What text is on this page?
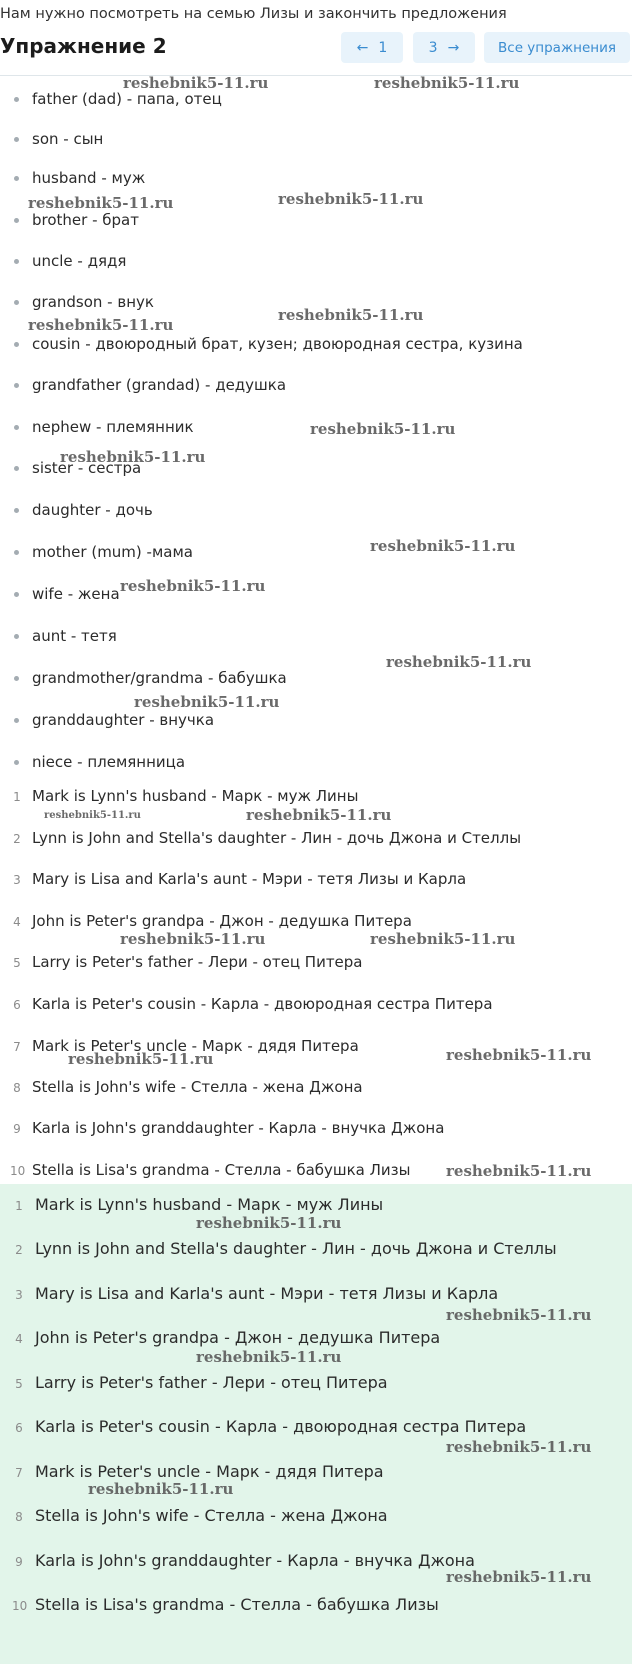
Нам нужно посмотреть на семью Лизы и закончить предложения
Упражнение 2	← 1	3 →	Все упражнения
father (dad) - папа, отец
son - сын
husband - муж
brother - брат
uncle - дядя
grandson - внук
cousin - двоюродный брат, кузен; двоюродная сестра, кузина
grandfather (grandad) - дедушка
nephew - племянник
sister - сестра
daughter - дочь
mother (mum) -мама
wife - жена
aunt - тетя
grandmother/grandma - бабушка
granddaughter - внучка
niece - племянница
1 Mark is Lynn's husband - Марк - муж Лины
2 Lynn is John and Stella's daughter - Лин - дочь Джона и Стеллы
3 Mary is Lisa and Karla's aunt - Мэри - тетя Лизы и Карла
4 John is Peter's grandpa - Джон - дедушка Питера
5 Larry is Peter's father - Лери - отец Питера
6 Karla is Peter's cousin - Карла - двоюродная сестра Питера
7 Mark is Peter's uncle - Марк - дядя Питера
8 Stella is John's wife - Стелла - жена Джона
9 Karla is John's granddaughter - Карла - внучка Джона
10 Stella is Lisa's grandma - Стелла - бабушка Лизы
1 Mark is Lynn's husband - Марк - муж Лины
2 Lynn is John and Stella's daughter - Лин - дочь Джона и Стеллы
3 Mary is Lisa and Karla's aunt - Мэри - тетя Лизы и Карла
4 John is Peter's grandpa - Джон - дедушка Питера
5 Larry is Peter's father - Лери - отец Питера
6 Karla is Peter's cousin - Карла - двоюродная сестра Питера
7 Mark is Peter's uncle - Марк - дядя Питера
8 Stella is John's wife - Стелла - жена Джона
9 Karla is John's granddaughter - Карла - внучка Джона
10 Stella is Lisa's grandma - Стелла - бабушка Лизы
reshebnik5-11.ru	reshebnik5-11.ru
reshebnik5-11.ru	reshebnik5-11.ru
reshebnik5-11.ru
reshebnik5-11.ru
reshebnik5-11.ru
reshebnik5-11.ru
reshebnik5-11.ru
reshebnik5-11.ru
reshebnik5-11.ru
reshebnik5-11.ru
reshebnik5-11.ru	reshebnik5-11.ru
reshebnik5-11.ru	reshebnik5-11.ru
reshebnik5-11.ru	reshebnik5-11.ru
reshebnik5-11.ru
reshebnik5-11.ru
reshebnik5-11.ru
reshebnik5-11.ru
reshebnik5-11.ru
reshebnik5-11.ru
reshebnik5-11.ru
